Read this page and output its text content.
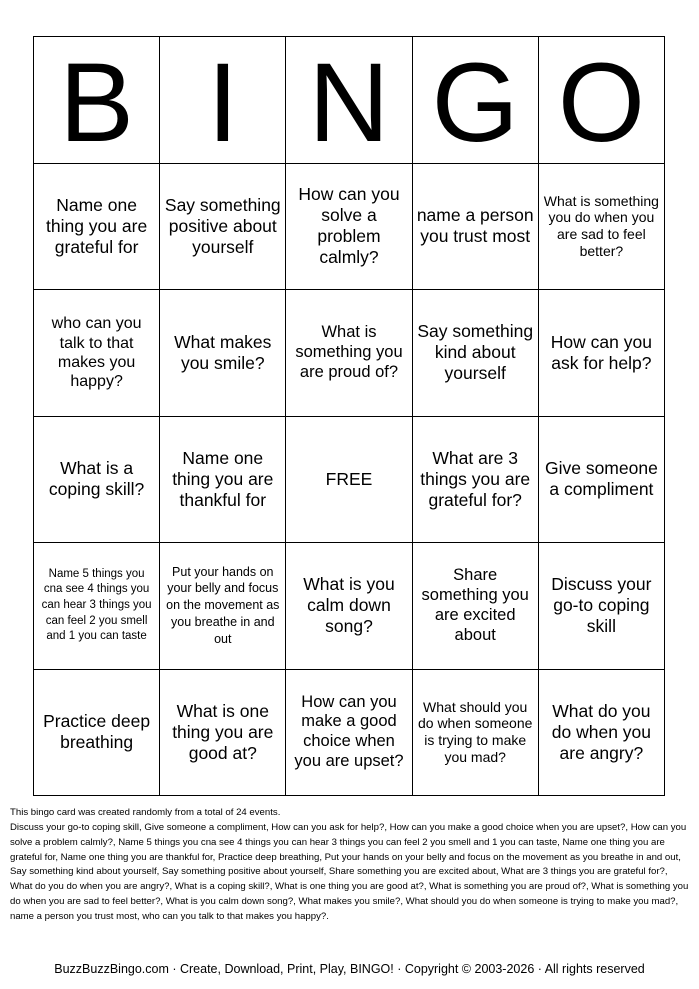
B I N G O
Name one thing you are grateful for
Say something positive about yourself
How can you solve a problem calmly?
name a person you trust most
What is something you do when you are sad to feel better?
who can you talk to that makes you happy?
What makes you smile?
What is something you are proud of?
Say something kind about yourself
How can you ask for help?
What is a coping skill?
Name one thing you are thankful for
FREE
What are 3 things you are grateful for?
Give someone a compliment
Name 5 things you cna see 4 things you can hear 3 things you can feel 2 you smell and 1 you can taste
Put your hands on your belly and focus on the movement as you breathe in and out
What is you calm down song?
Share something you are excited about
Discuss your go-to coping skill
Practice deep breathing
What is one thing you are good at?
How can you make a good choice when you are upset?
What should you do when someone is trying to make you mad?
What do you do when you are angry?
This bingo card was created randomly from a total of 24 events.
Discuss your go-to coping skill, Give someone a compliment, How can you ask for help?, How can you make a good choice when you are upset?, How can you solve a problem calmly?, Name 5 things you cna see 4 things you can hear 3 things you can feel 2 you smell and 1 you can taste, Name one thing you are grateful for, Name one thing you are thankful for, Practice deep breathing, Put your hands on your belly and focus on the movement as you breathe in and out, Say something kind about yourself, Say something positive about yourself, Share something you are excited about, What are 3 things you are grateful for?, What do you do when you are angry?, What is a coping skill?, What is one thing you are good at?, What is something you are proud of?, What is something you do when you are sad to feel better?, What is you calm down song?, What makes you smile?, What should you do when someone is trying to make you mad?, name a person you trust most, who can you talk to that makes you happy?.
BuzzBuzzBingo.com · Create, Download, Print, Play, BINGO! · Copyright © 2003-2026 · All rights reserved
